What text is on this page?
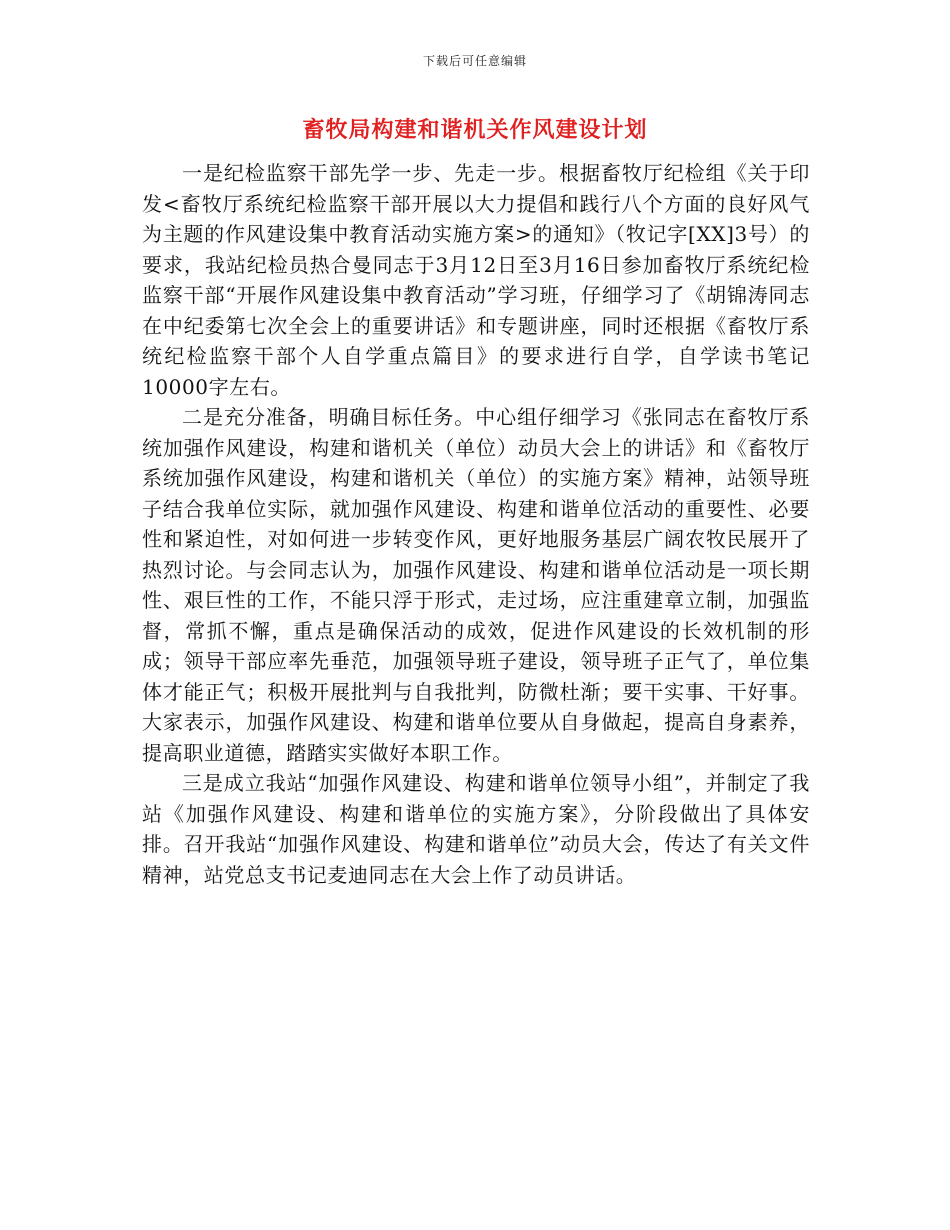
下载后可任意编辑
畜牧局构建和谐机关作风建设计划

一是纪检监察干部先学一步、先走一步。根据畜牧厅纪检组《关于印发<畜牧厅系统纪检监察干部开展以大力提倡和践行八个方面的良好风气为主题的作风建设集中教育活动实施方案>的通知》（牧记字[XX]3号）的要求，我站纪检员热合曼同志于3月12日至3月16日参加畜牧厅系统纪检监察干部“开展作风建设集中教育活动”学习班，仔细学习了《胡锦涛同志在中纪委第七次全会上的重要讲话》和专题讲座，同时还根据《畜牧厅系统纪检监察干部个人自学重点篇目》的要求进行自学，自学读书笔记10000字左右。

二是充分准备，明确目标任务。中心组仔细学习《张同志在畜牧厅系统加强作风建设，构建和谐机关（单位）动员大会上的讲话》和《畜牧厅系统加强作风建设，构建和谐机关（单位）的实施方案》精神，站领导班子结合我单位实际，就加强作风建设、构建和谐单位活动的重要性、必要性和紧迫性，对如何进一步转变作风，更好地服务基层广阔农牧民展开了热烈讨论。与会同志认为，加强作风建设、构建和谐单位活动是一项长期性、艰巨性的工作，不能只浮于形式，走过场，应注重建章立制，加强监督，常抓不懈，重点是确保活动的成效，促进作风建设的长效机制的形成；领导干部应率先垂范，加强领导班子建设，领导班子正气了，单位集体才能正气；积极开展批判与自我批判，防微杜渐；要干实事、干好事。大家表示，加强作风建设、构建和谐单位要从自身做起，提高自身素养，提高职业道德，踏踏实实做好本职工作。

三是成立我站“加强作风建设、构建和谐单位领导小组”，并制定了我站《加强作风建设、构建和谐单位的实施方案》，分阶段做出了具体安排。召开我站“加强作风建设、构建和谐单位”动员大会，传达了有关文件精神，站党总支书记麦迪同志在大会上作了动员讲话。
